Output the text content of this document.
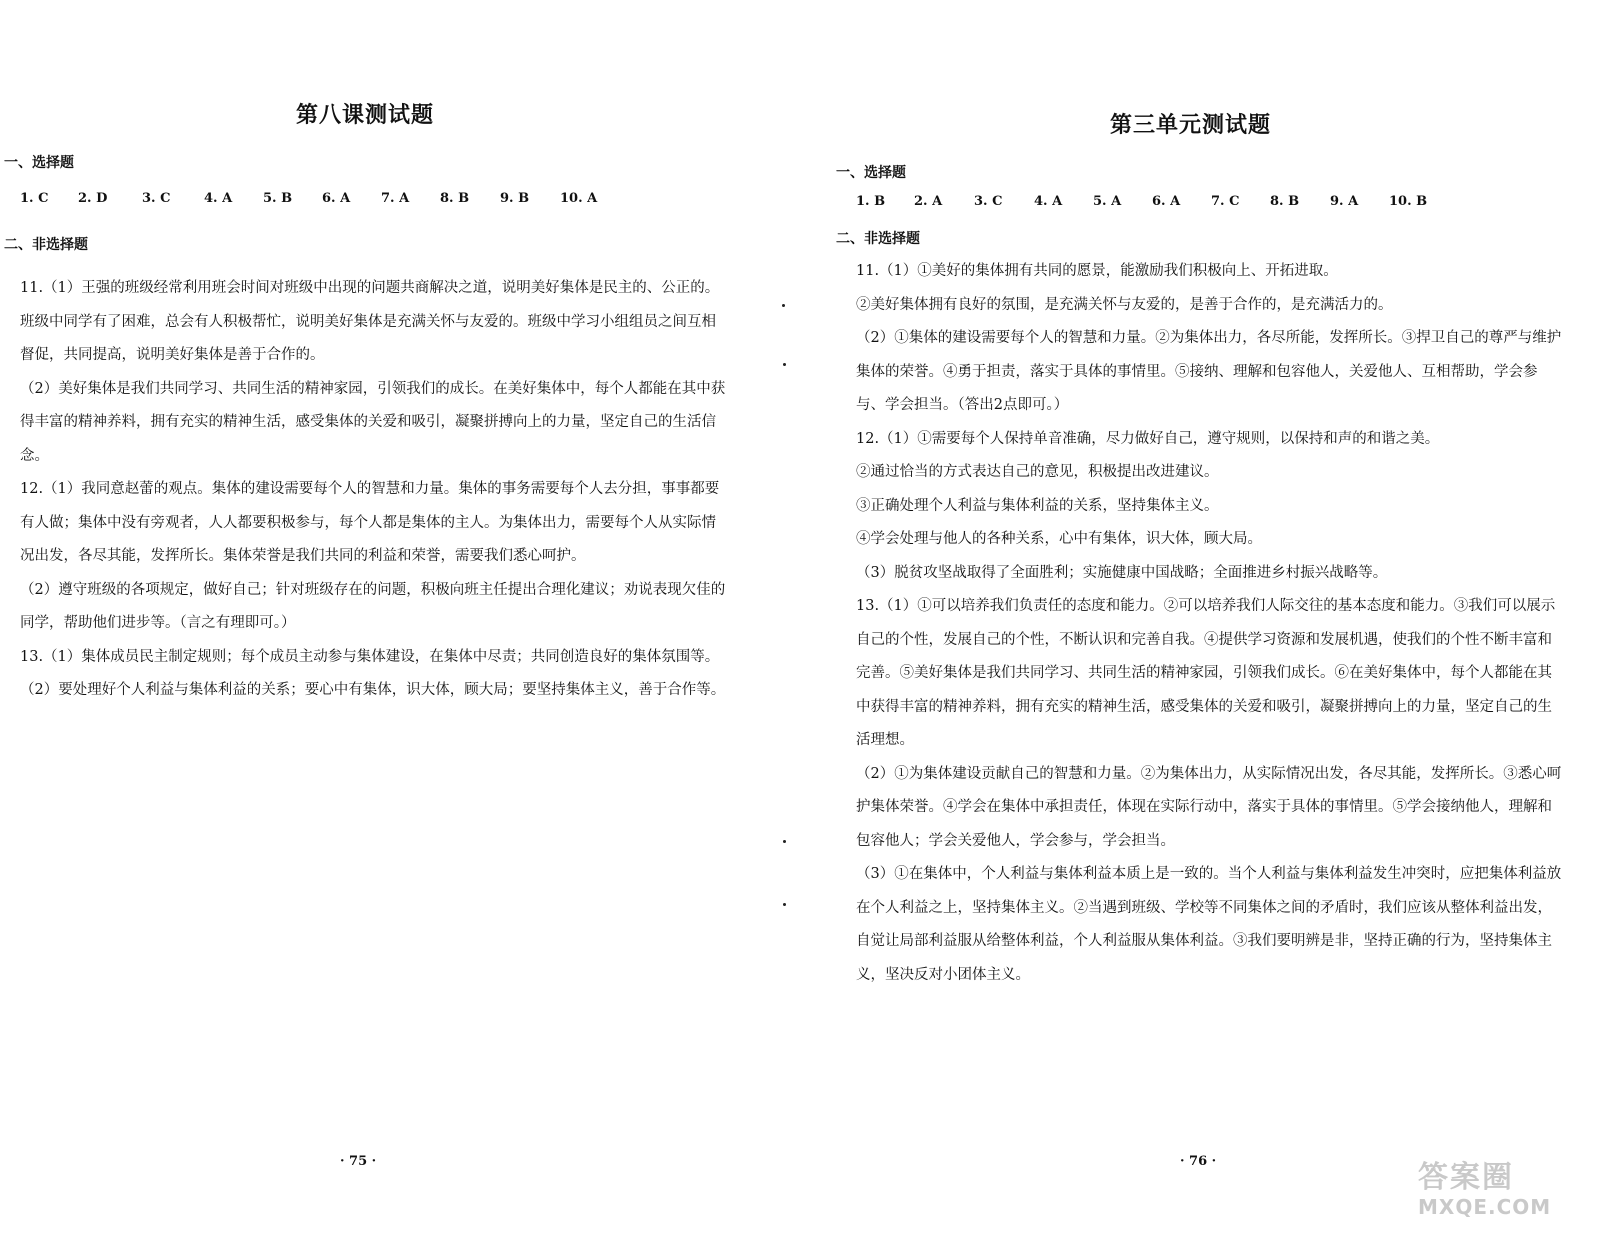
第八课测试题
一、选择题
1. C 2. D	3. C	4. A 5. B 6. A 7. A 8. B 9. B 10. A
二、非选择题

11.（1）王强的班级经常利用班会时间对班级中出现的问题共商解决之道，说明美好集体是民主的、公正的。班级中同学有了困难，总会有人积极帮忙，说明美好集体是充满关怀与友爱的。班级中学习小组组员之间互相督促，共同提高，说明美好集体是善于合作的。

（2）美好集体是我们共同学习、共同生活的精神家园，引领我们的成长。在美好集体中，每个人都能在其中获得丰富的精神养料，拥有充实的精神生活，感受集体的关爱和吸引，凝聚拼搏向上的力量，坚定自己的生活信念。

12.（1）我同意赵蕾的观点。集体的建设需要每个人的智慧和力量。集体的事务需要每个人去分担，事事都要有人做；集体中没有旁观者，人人都要积极参与，每个人都是集体的主人。为集体出力，需要每个人从实际情况出发，各尽其能，发挥所长。集体荣誉是我们共同的利益和荣誉，需要我们悉心呵护。

（2）遵守班级的各项规定，做好自己；针对班级存在的问题，积极向班主任提出合理化建议；劝说表现欠佳的同学，帮助他们进步等。（言之有理即可。）

13.（1）集体成员民主制定规则；每个成员主动参与集体建设，在集体中尽责；共同创造良好的集体氛围等。

（2）要处理好个人利益与集体利益的关系；要心中有集体，识大体，顾大局；要坚持集体主义，善于合作等。

· 75 ·
第三单元测试题
一、选择题
1. B 2. A 3. C 4. A 5. A 6. A 7. C 8. B 9. A 10. B
二、非选择题

11.（1）①美好的集体拥有共同的愿景，能激励我们积极向上、开拓进取。

②美好集体拥有良好的氛围，是充满关怀与友爱的，是善于合作的，是充满活力的。

（2）①集体的建设需要每个人的智慧和力量。②为集体出力，各尽所能，发挥所长。③捍卫自己的尊严与维护集体的荣誉。④勇于担责，落实于具体的事情里。⑤接纳、理解和包容他人，关爱他人、互相帮助，学会参与、学会担当。（答出2点即可。）

12.（1）①需要每个人保持单音准确，尽力做好自己，遵守规则，以保持和声的和谐之美。

②通过恰当的方式表达自己的意见，积极提出改进建议。

③正确处理个人利益与集体利益的关系，坚持集体主义。

④学会处理与他人的各种关系，心中有集体，识大体，顾大局。

（3）脱贫攻坚战取得了全面胜利；实施健康中国战略；全面推进乡村振兴战略等。

13.（1）①可以培养我们负责任的态度和能力。②可以培养我们人际交往的基本态度和能力。③我们可以展示自己的个性，发展自己的个性，不断认识和完善自我。④提供学习资源和发展机遇，使我们的个性不断丰富和完善。⑤美好集体是我们共同学习、共同生活的精神家园，引领我们成长。⑥在美好集体中，每个人都能在其中获得丰富的精神养料，拥有充实的精神生活，感受集体的关爱和吸引，凝聚拼搏向上的力量，坚定自己的生活理想。

（2）①为集体建设贡献自己的智慧和力量。②为集体出力，从实际情况出发，各尽其能，发挥所长。③悉心呵护集体荣誉。④学会在集体中承担责任，体现在实际行动中，落实于具体的事情里。⑤学会接纳他人，理解和包容他人；学会关爱他人，学会参与，学会担当。

（3）①在集体中，个人利益与集体利益本质上是一致的。当个人利益与集体利益发生冲突时，应把集体利益放在个人利益之上，坚持集体主义。②当遇到班级、学校等不同集体之间的矛盾时，我们应该从整体利益出发，自觉让局部利益服从给整体利益，个人利益服从集体利益。③我们要明辨是非，坚持正确的行为，坚持集体主义，坚决反对小团体主义。

· 76 ·	答案圈
MXQE.COM
